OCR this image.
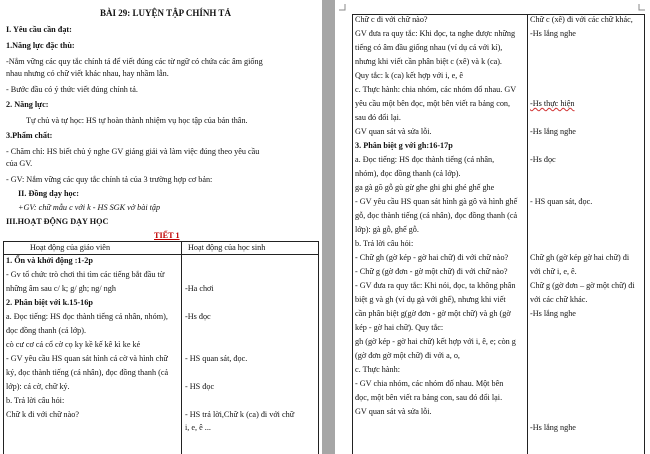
BÀI 29: LUYỆN TẬP CHÍNH TẢ
I. Yêu cầu cần đạt:
1.Năng lực đặc thù:
-Nắm vững các quy tắc chính tả để viết đúng các từ ngữ có chứa các âm giống
nhau nhưng có chữ viết khác nhau, hay nhầm lẫn.
- Bước đầu có ý thức viết đúng chính tả.
2. Năng lực:
Tự chủ và tự học: HS tự hoàn thành nhiệm vụ học tập của bản thân.
3.Phẩm chất:
- Chăm chỉ: HS biết chủ ý nghe GV giảng giải và làm việc đúng theo yêu cầu
của GV.
- GV: Nắm vững các quy tắc chính tả của 3 trường hợp cơ bản:
II. Đồng dạy học:
+GV: chữ mẫu c với k - HS SGK vở bài tập
III.HOẠT ĐỘNG DẠY HỌC
TIẾT 1
Hoạt động của giáo viên	Hoạt động của học sinh
1. Ổn và khởi động :1-2p
- Gv tổ chức trò chơi thi tìm các tiếng bắt đầu từ
những âm sau c/ k; g/ gh; ng/ ngh
2. Phân biệt với k.15-16p
a. Đọc tiếng: HS đọc thành tiếng cả nhân, nhóm),
đọc đồng thanh (cả lớp).
cò cư cơ cá cổ cờ cọ ky kề kế kê kì ke kẻ
- GV yêu cầu HS quan sát hình cá cờ và hình chữ
ký, đọc thành tiếng (cá nhân), đọc đồng thanh (cả
lớp): cá cờ, chữ ký.
b. Trả lời câu hỏi:
Chữ k đi với chữ nào?
-Ha chơi
-Hs đọc
- HS quan sát, đọc.
- HS đọc
- HS trả lời,Chữ k (ca) đi với chữ
i, e, ê ...
Chữ c đi với chữ nào?
GV đưa ra quy tắc: Khi đọc, ta nghe được những
tiếng có âm đầu giống nhau (ví dụ cá với kí),
nhưng khi viết cần phân biệt c (xê) và k (ca).
Quy tắc: k (ca) kết hợp với i, e, ê
c. Thực hành: chia nhóm, các nhóm đổ nhau. GV
yêu cầu một bên đọc, một bên viết ra bảng con,
sau đó đổi lại.
GV quan sát và sửa lỗi.
3. Phân biệt g với gh:16-17p
a. Đọc tiếng: HS đọc thành tiếng (cá nhân,
nhóm), đọc đồng thanh (cả lớp).
ga gà gõ gỗ gù gừ ghe ghi ghi ghé ghế ghe
- GV yêu cầu HS quan sát hình gà gô và hình ghế
gỗ, đọc thành tiếng (cá nhân), đọc đồng thanh (cả
lớp): gà gỗ, ghế gỗ.
b. Trả lời câu hỏi:
- Chữ gh (gờ kép - gờ hai chữ) đi với chữ nào?
- Chữ g (gờ đơn - gờ một chữ) đi với chữ nào?
- GV đưa ra quy tắc: Khi nói, đọc, ta không phân
biệt g và gh (ví dụ gà với ghế), nhưng khi viết
cần phân biệt g(gờ đơn - gờ một chữ) và gh (gờ
kép - gờ hai chữ). Quy tắc:
gh (gờ kép - gờ hai chữ) kết hợp với i, ê, e; còn g
(gờ đơn gờ một chữ) đi với a, o,
c. Thực hành:
- GV chia nhóm, các nhóm đố nhau. Một bên
đọc, một bên viết ra bảng con, sau đó đổi lại.
GV quan sát và sửa lỗi.
Chữ c (xê) đi với các chữ khác,
-Hs lắng nghe
-Hs thực hiện
-Hs lắng nghe
-Hs đọc
- HS quan sát, đọc.
Chữ gh (gờ kép gờ hai chữ) đi
với chữ i, e, ê.
Chữ g (gờ đơn – gờ một chữ) đi
với các chữ khác.
-Hs lắng nghe
-Hs lắng nghe
